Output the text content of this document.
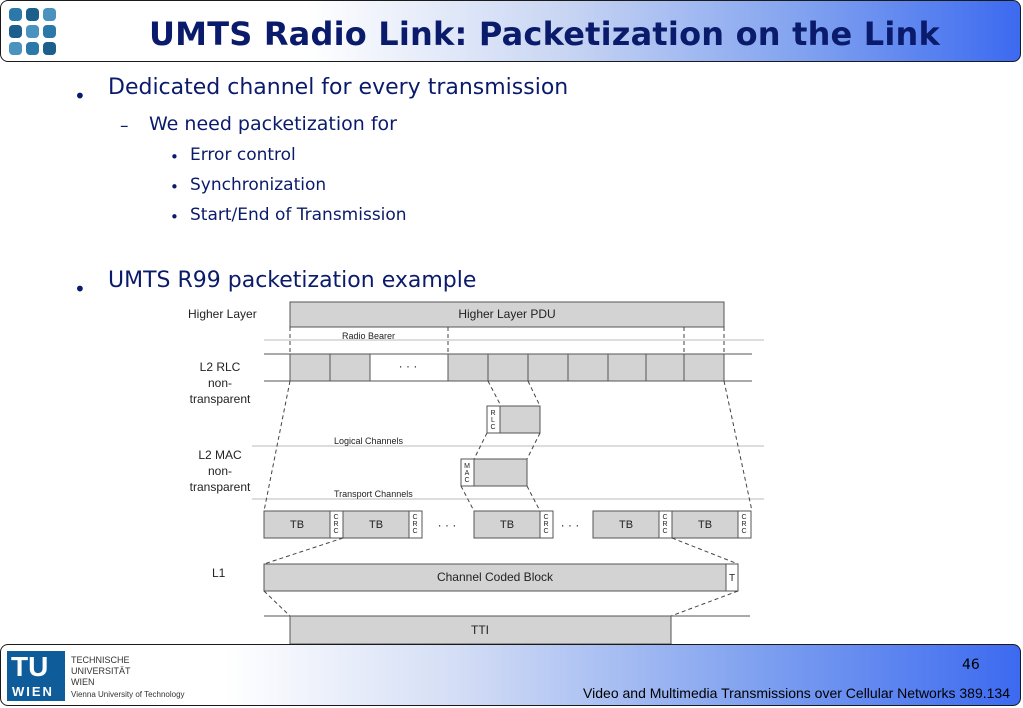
UMTS Radio Link: Packetization on the Link
• Dedicated channel for every transmission
– We need packetization for
• Error control
• Synchronization
• Start/End of Transmission
• UMTS R99 packetization example
Higher Layer	Higher Layer PDU
Radio Bearer
L2 RLC
non-
transparent
· · ·
R L C
Logical Channels
L2 MAC
non-
transparent
M A C
Transport Channels
TB
C R C
TB
C R C · · ·	TB
C R C · · ·	TB
C R C
TB
C R C
L1	Channel Coded Block	T
TTI
TU
WIEN
TECHNISCHE
UNIVERSITÄT
WIEN
Vienna University of Technology
46
Video and Multimedia Transmissions over Cellular Networks 389.134
